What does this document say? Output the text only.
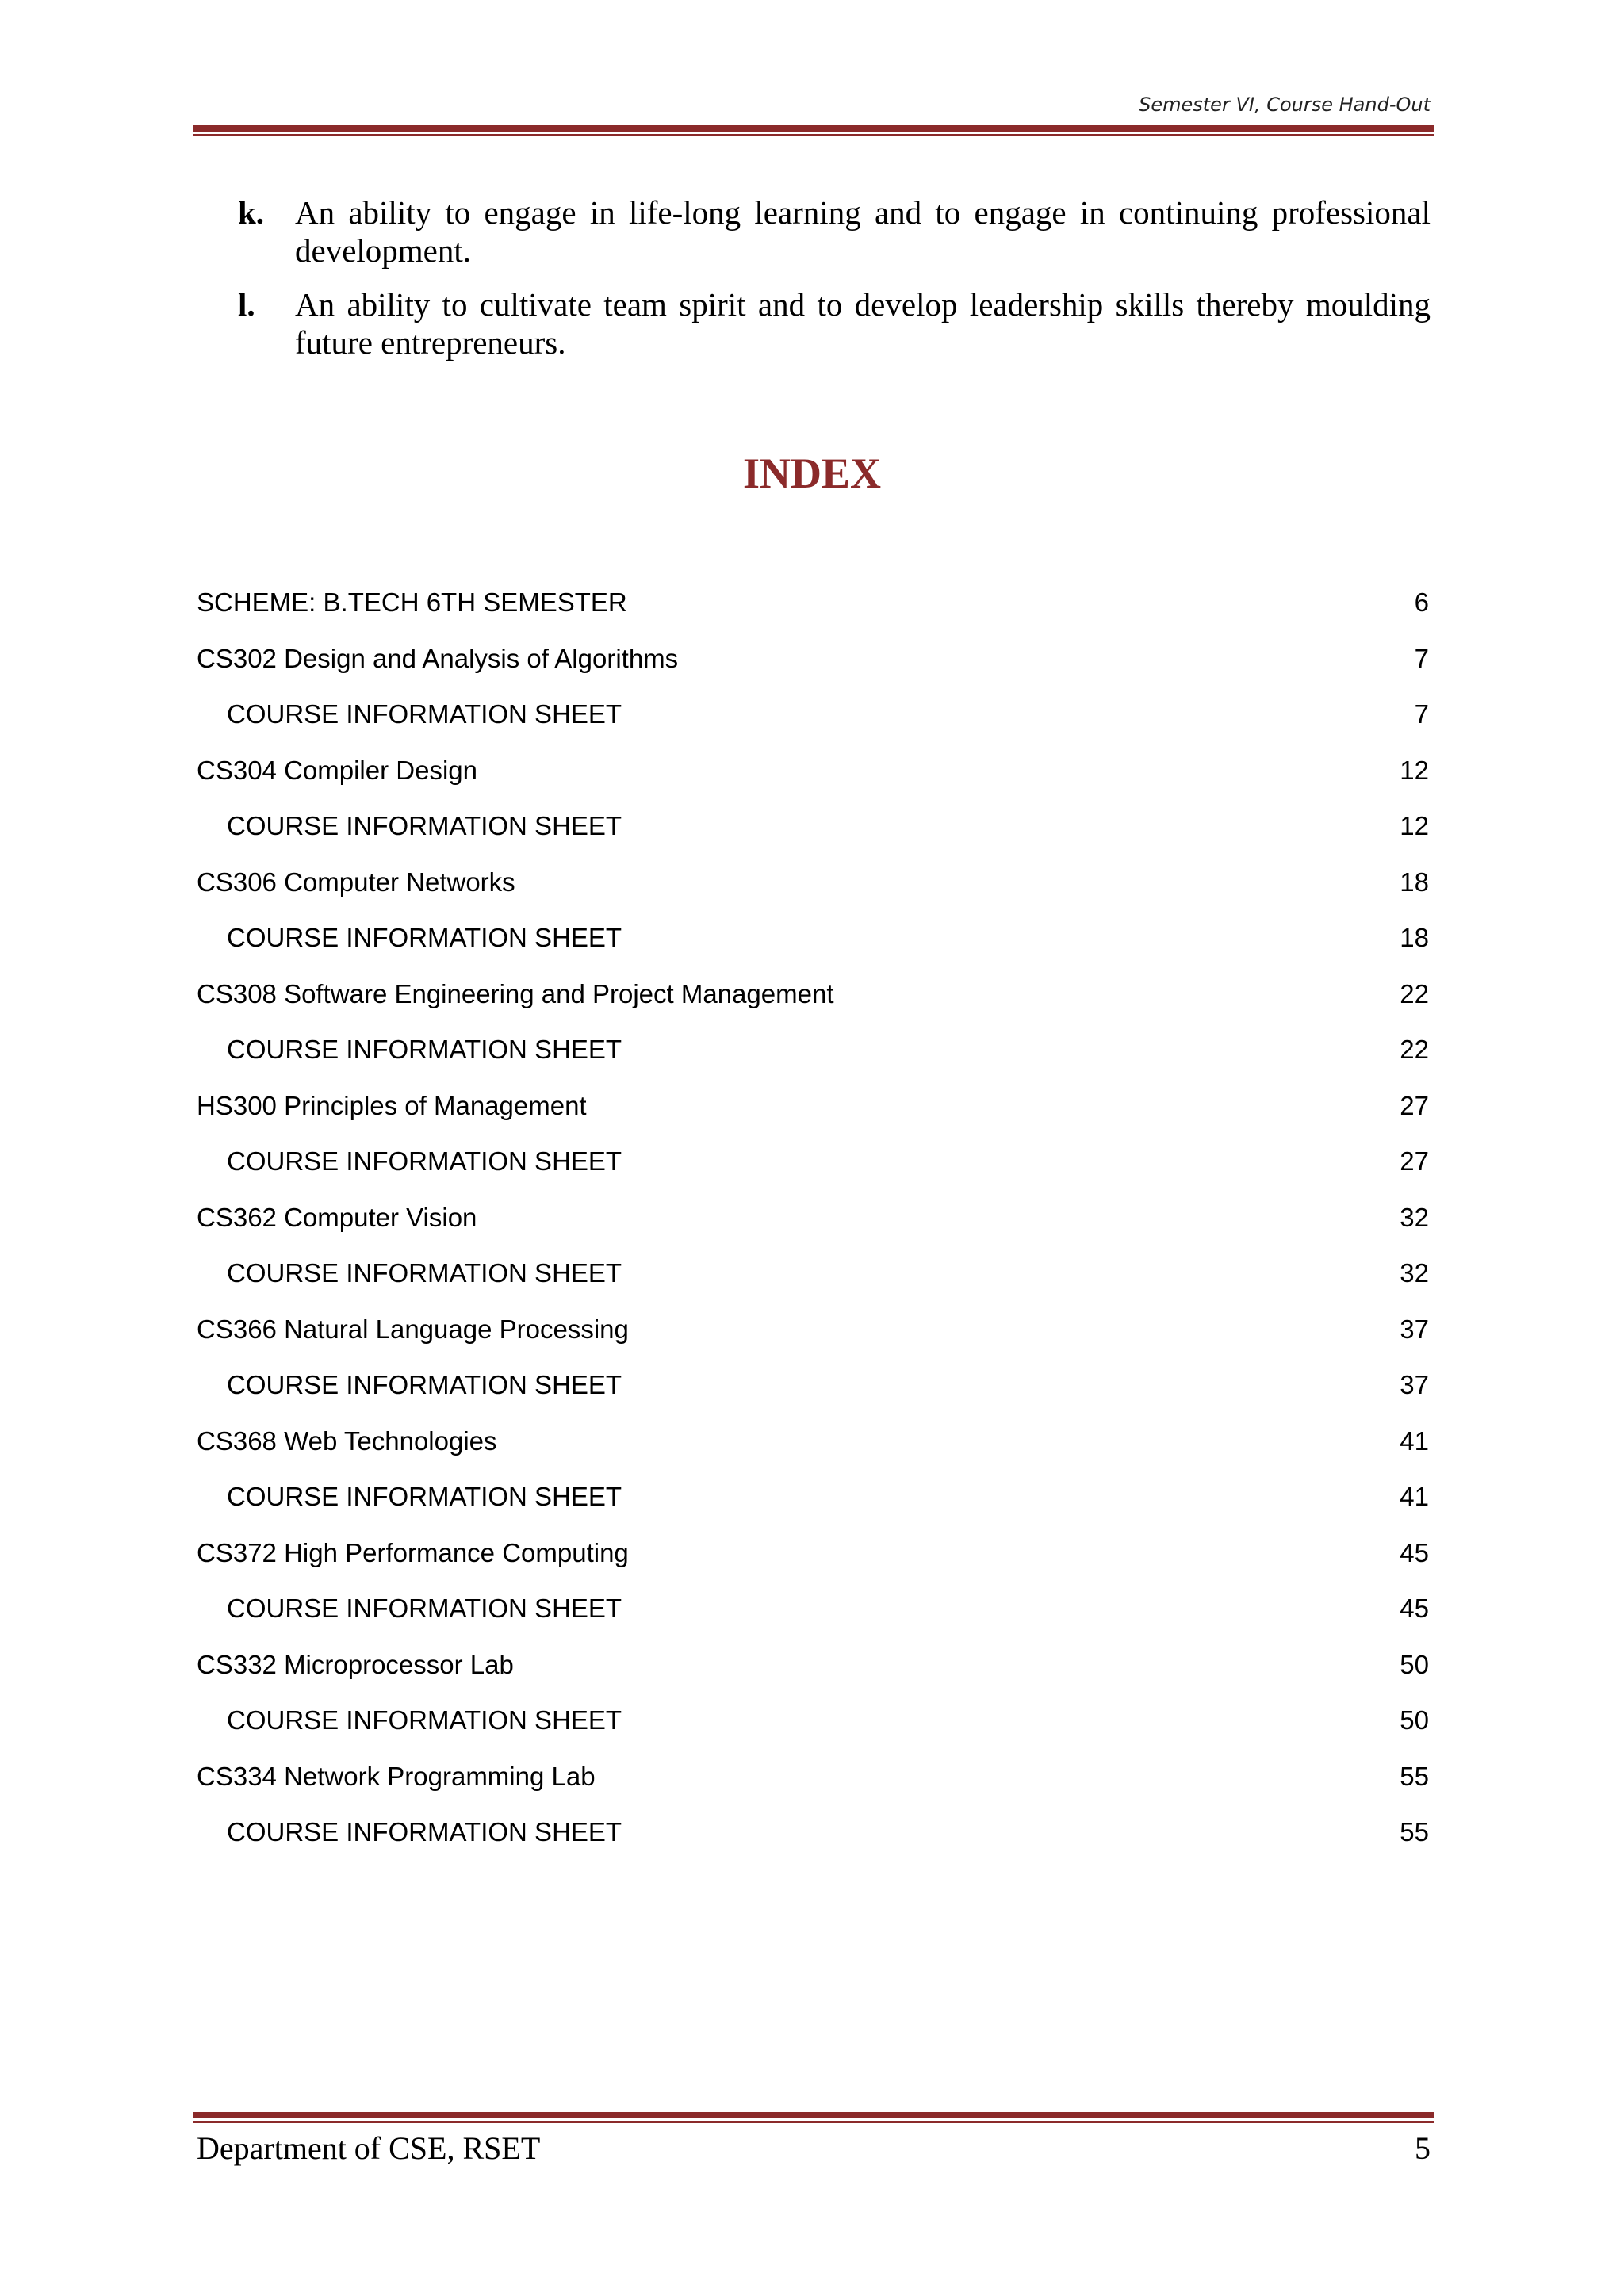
Semester VI, Course Hand-Out
k. An ability to engage in life-long learning and to engage in continuing professional development.
l.	An ability to cultivate team spirit and to develop leadership skills thereby moulding future entrepreneurs.
INDEX
SCHEME: B.TECH 6TH SEMESTER	6
CS302 Design and Analysis of Algorithms	7
COURSE INFORMATION SHEET	7
CS304 Compiler Design	12
COURSE INFORMATION SHEET	12
CS306 Computer Networks	18
COURSE INFORMATION SHEET	18
CS308 Software Engineering and Project Management	22
COURSE INFORMATION SHEET	22
HS300 Principles of Management	27
COURSE INFORMATION SHEET	27
CS362 Computer Vision	32
COURSE INFORMATION SHEET	32
CS366 Natural Language Processing	37
COURSE INFORMATION SHEET	37
CS368 Web Technologies	41
COURSE INFORMATION SHEET	41
CS372 High Performance Computing	45
COURSE INFORMATION SHEET	45
CS332 Microprocessor Lab	50
COURSE INFORMATION SHEET	50
CS334 Network Programming Lab	55
COURSE INFORMATION SHEET	55
Department of CSE, RSET	5
